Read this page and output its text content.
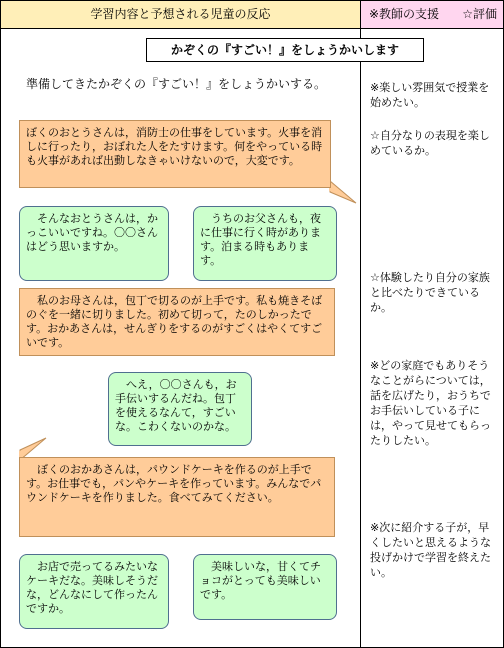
学習内容と予想される児童の反応	※教師の支援 ☆評価
かぞくの『すごい！』をしょうかいします
準備してきたかぞくの『すごい！』をしょうかいする。
ぼくのおとうさんは，消防士の仕事をしています。火事を消しに行ったり，おぼれた人をたすけます。何をやっている時も火事があれば出動しなきゃいけないので，大変です。
　そんなおとうさんは，かっこいいですね。〇〇さんはどう思いますか。
　うちのお父さんも，夜に仕事に行く時があります。泊まる時もあります。
　私のお母さんは，包丁で切るのが上手です。私も焼きそばのぐを一緒に切りました。初めて切って，たのしかったです。おかあさんは，せんぎりをするのがすごくはやくてすごいです。
　へえ，〇〇さんも，お手伝いするんだね。包丁を使えるなんて，すごいな。こわくないのかな。
　ぼくのおかあさんは，パウンドケーキを作るのが上手です。お仕事でも，パンやケーキを作っています。みんなでパウンドケーキを作りました。食べてみてください。
　お店で売ってるみたいなケーキだな。美味しそうだな，どんなにして作ったんですか。
　美味しいな，甘くてチョコがとっても美味しいです。
※楽しい雰囲気で授業を始めたい。
☆自分なりの表現を楽しめているか。
☆体験したり自分の家族と比べたりできているか。
※どの家庭でもありそうなことがらについては，話を広げたり，おうちでお手伝いしている子には，やって見せてもらったりしたい。
※次に紹介する子が，早くしたいと思えるような投げかけで学習を終えたい。
